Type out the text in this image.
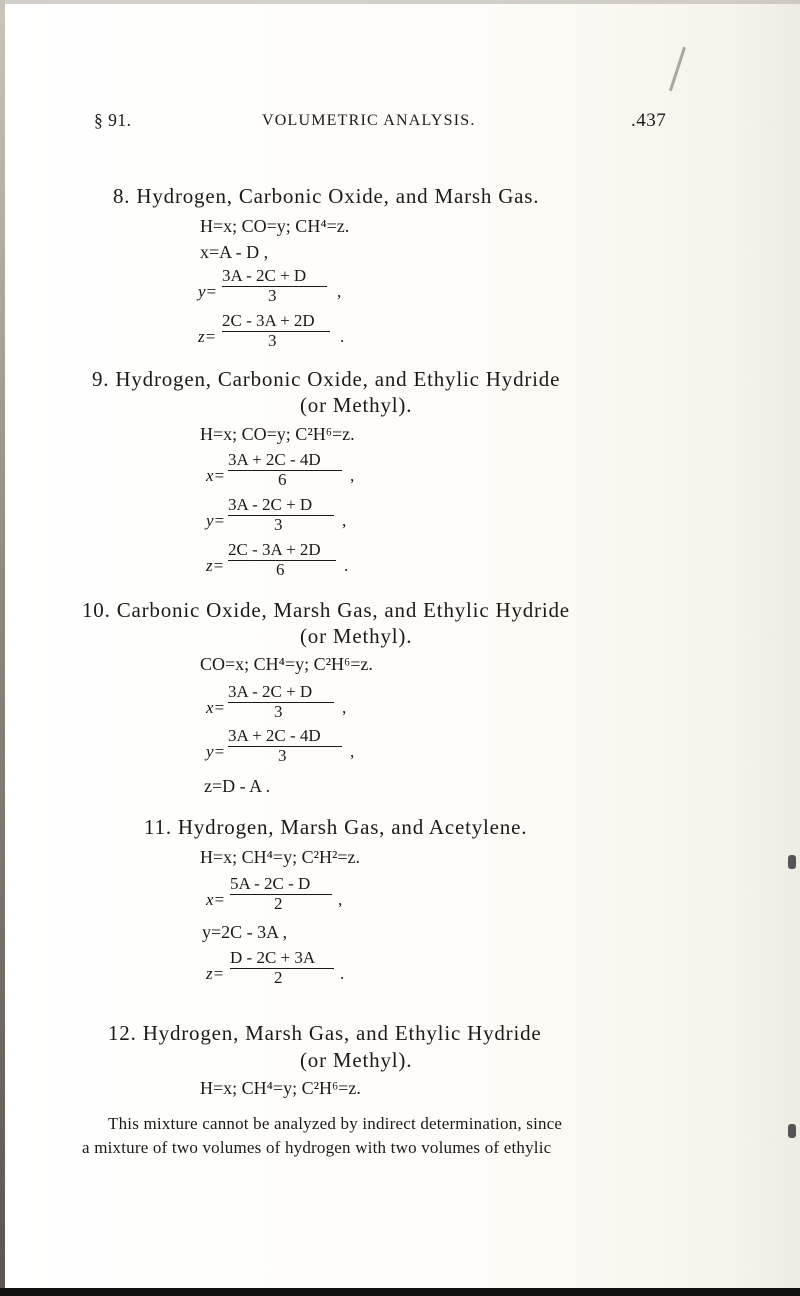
§ 91.	VOLUMETRIC ANALYSIS.	.437
8. Hydrogen, Carbonic Oxide, and Marsh Gas.
H=x; CO=y; CH⁴=z.
x=A - D ,
y=
3A - 2C + D
3	,
z=
2C - 3A + 2D
3	.
9. Hydrogen, Carbonic Oxide, and Ethylic Hydride
(or Methyl).
H=x; CO=y; C²H⁶=z.
x=
3A + 2C - 4D
6	,
y=
3A - 2C + D
3	,
z=
2C - 3A + 2D
6	.
10. Carbonic Oxide, Marsh Gas, and Ethylic Hydride
(or Methyl).
CO=x; CH⁴=y; C²H⁶=z.
x=
3A - 2C + D
3	,
y=
3A + 2C - 4D
3	,
z=D - A .
11. Hydrogen, Marsh Gas, and Acetylene.
H=x; CH⁴=y; C²H²=z.
x=
5A - 2C - D
2	,
y=2C - 3A ,
z=
D - 2C + 3A
2	.
12. Hydrogen, Marsh Gas, and Ethylic Hydride
(or Methyl).
H=x; CH⁴=y; C²H⁶=z.
This mixture cannot be analyzed by indirect determination, since
a mixture of two volumes of hydrogen with two volumes of ethylic
